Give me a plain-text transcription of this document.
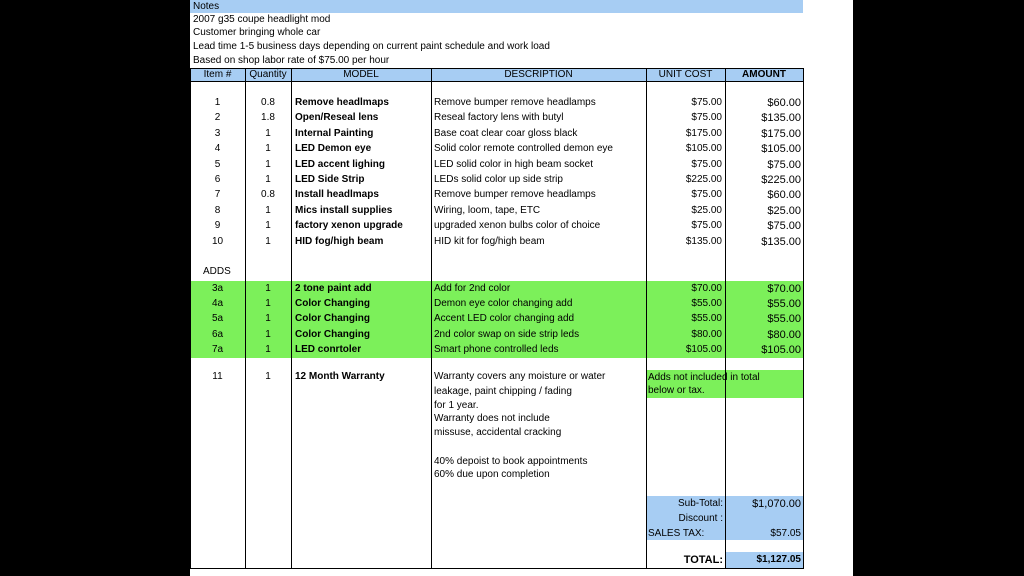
Notes
2007 g35 coupe headlight mod
Customer bringing whole car
Lead time 1-5 business days depending on current paint schedule and work load
Based on shop labor rate of $75.00 per hour
Item #	Quantity	MODEL	DESCRIPTION	UNIT COST	AMOUNT
1	0.8	Remove headlmaps	Remove bumper remove headlamps	$75.00	$60.00
2	1.8	Open/Reseal lens	Reseal factory lens with butyl	$75.00	$135.00
3	1	Internal Painting	Base coat clear coar gloss black	$175.00	$175.00
4	1	LED Demon eye	Solid color remote controlled demon eye	$105.00	$105.00
5	1	LED accent lighing	LED solid color in high beam socket	$75.00	$75.00
6	1	LED Side Strip	LEDs solid color up side strip	$225.00	$225.00
7	0.8	Install headlmaps	Remove bumper remove headlamps	$75.00	$60.00
8	1	Mics install supplies	Wiring, loom, tape, ETC	$25.00	$25.00
9	1	factory xenon upgrade	upgraded xenon bulbs color of choice	$75.00	$75.00
10	1	HID fog/high beam	HID kit for fog/high beam	$135.00	$135.00
ADDS
3a	1	2 tone paint add	Add for 2nd color	$70.00	$70.00
4a	1	Color Changing	Demon eye color changing add	$55.00	$55.00
5a	1	Color Changing	Accent LED color changing add	$55.00	$55.00
6a	1	Color Changing	2nd color swap on side strip leds	$80.00	$80.00
7a	1	LED conrtoler	Smart phone controlled leds	$105.00	$105.00
11	1	12 Month Warranty	Warranty covers any moisture or water
leakage, paint chipping / fading
for 1 year.
Warranty does not include
missuse, accidental cracking
40% depoist to book appointments
60% due upon completion
Adds not included in total
below or tax.
Sub-Total:	$1,070.00
Discount :
SALES TAX:	$57.05
TOTAL:	$1,127.05
